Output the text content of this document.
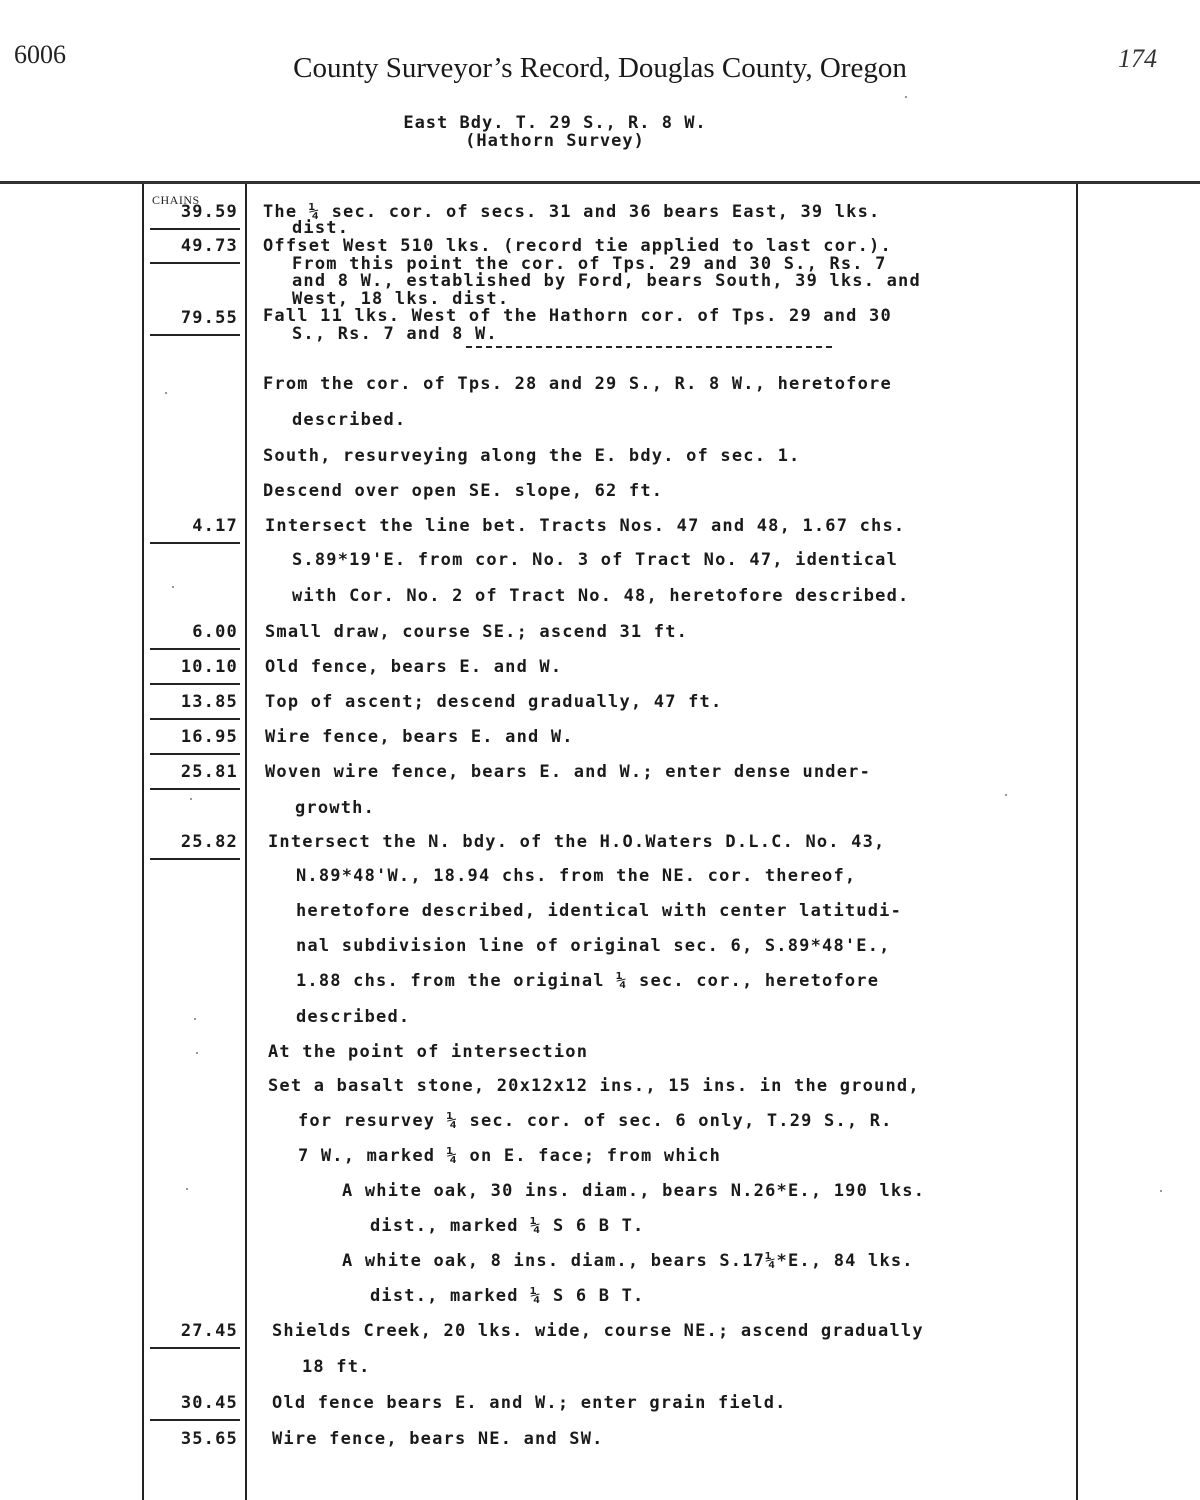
6006	County Surveyor’s Record, Douglas County, Oregon	174
East Bdy. T. 29 S., R. 8 W.
(Hathorn Survey)
CHAINS
39.59
49.73
79.55
4.17
6.00
10.10
13.85
16.95
25.81
25.82
27.45
30.45
35.65
The ¼ sec. cor. of secs. 31 and 36 bears East, 39 lks.
dist.
Offset West 510 lks. (record tie applied to last cor.).
From this point the cor. of Tps. 29 and 30 S., Rs. 7
and 8 W., established by Ford, bears South, 39 lks. and
West, 18 lks. dist.
Fall 11 lks. West of the Hathorn cor. of Tps. 29 and 30
S., Rs. 7 and 8 W.
From the cor. of Tps. 28 and 29 S., R. 8 W., heretofore
described.
South, resurveying along the E. bdy. of sec. 1.
Descend over open SE. slope, 62 ft.
Intersect the line bet. Tracts Nos. 47 and 48, 1.67 chs.
S.89*19'E. from cor. No. 3 of Tract No. 47, identical
with Cor. No. 2 of Tract No. 48, heretofore described.
Small draw, course SE.; ascend 31 ft.
Old fence, bears E. and W.
Top of ascent; descend gradually, 47 ft.
Wire fence, bears E. and W.
Woven wire fence, bears E. and W.; enter dense under-
growth.
Intersect the N. bdy. of the H.O.Waters D.L.C. No. 43,
N.89*48'W., 18.94 chs. from the NE. cor. thereof,
heretofore described, identical with center latitudi-
nal subdivision line of original sec. 6, S.89*48'E.,
1.88 chs. from the original ¼ sec. cor., heretofore
described.
At the point of intersection
Set a basalt stone, 20x12x12 ins., 15 ins. in the ground,
for resurvey ¼ sec. cor. of sec. 6 only, T.29 S., R.
7 W., marked ¼ on E. face; from which
A white oak, 30 ins. diam., bears N.26*E., 190 lks.
dist., marked ¼ S 6 B T.
A white oak, 8 ins. diam., bears S.17¼*E., 84 lks.
dist., marked ¼ S 6 B T.
Shields Creek, 20 lks. wide, course NE.; ascend gradually
18 ft.
Old fence bears E. and W.; enter grain field.
Wire fence, bears NE. and SW.
